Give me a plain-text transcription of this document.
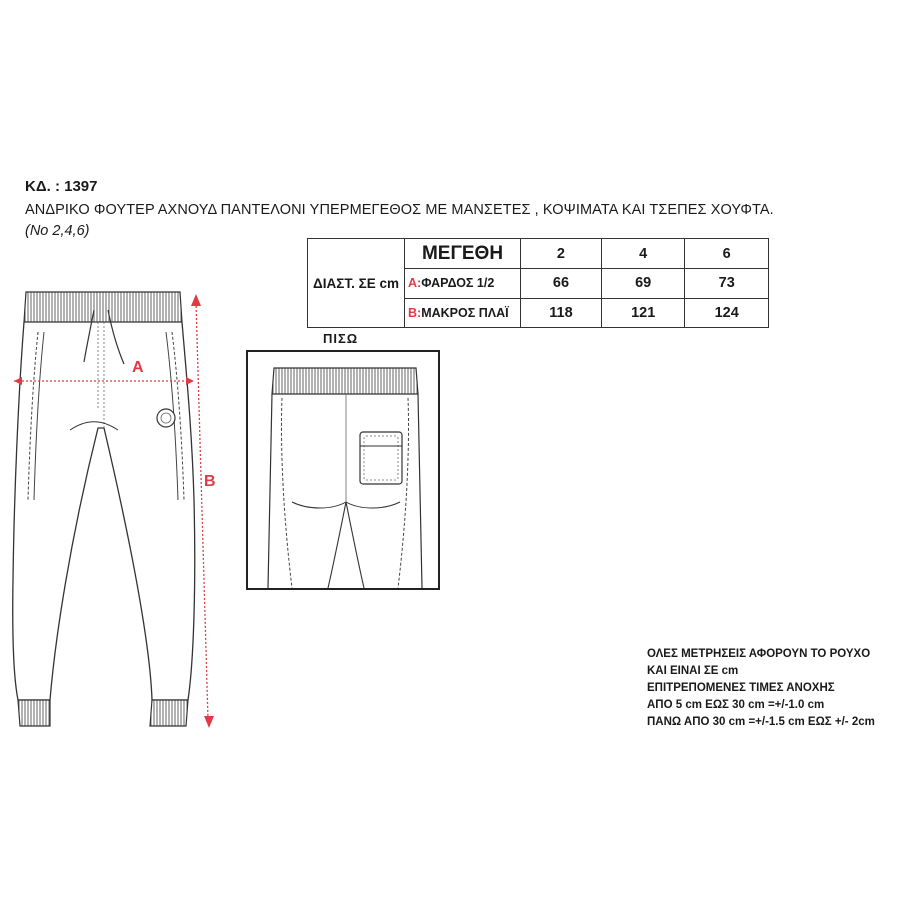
ΚΔ. : 1397
ΑΝΔΡΙΚΟ ΦΟΥΤΕΡ ΑΧΝΟΥΔ ΠΑΝΤΕΛΟΝΙ ΥΠΕΡΜΕΓΕΘΟΣ ΜΕ ΜΑΝΣΕΤΕΣ , ΚΟΨΙΜΑΤΑ ΚΑΙ ΤΣΕΠΕΣ ΧΟΥΦΤΑ.
(Νο 2,4,6)
ΔΙΑΣΤ. ΣΕ cm	ΜΕΓΕΘΗ	2	4	6
	A:ΦΑΡΔΟΣ 1/2	66	69	73
	B:ΜΑΚΡΟΣ ΠΛΑΪ	118	121	124
A
B
ΠΙΣΩ
ΟΛΕΣ ΜΕΤΡΗΣΕΙΣ ΑΦΟΡΟΥΝ ΤΟ ΡΟΥΧΟ
ΚΑΙ ΕΙΝΑΙ ΣΕ cm
ΕΠΙΤΡΕΠΟΜΕΝΕΣ ΤΙΜΕΣ ΑΝΟΧΗΣ
ΑΠΟ 5 cm ΕΩΣ 30 cm =+/-1.0 cm
ΠΑΝΩ ΑΠΟ 30 cm =+/-1.5 cm ΕΩΣ +/- 2cm
